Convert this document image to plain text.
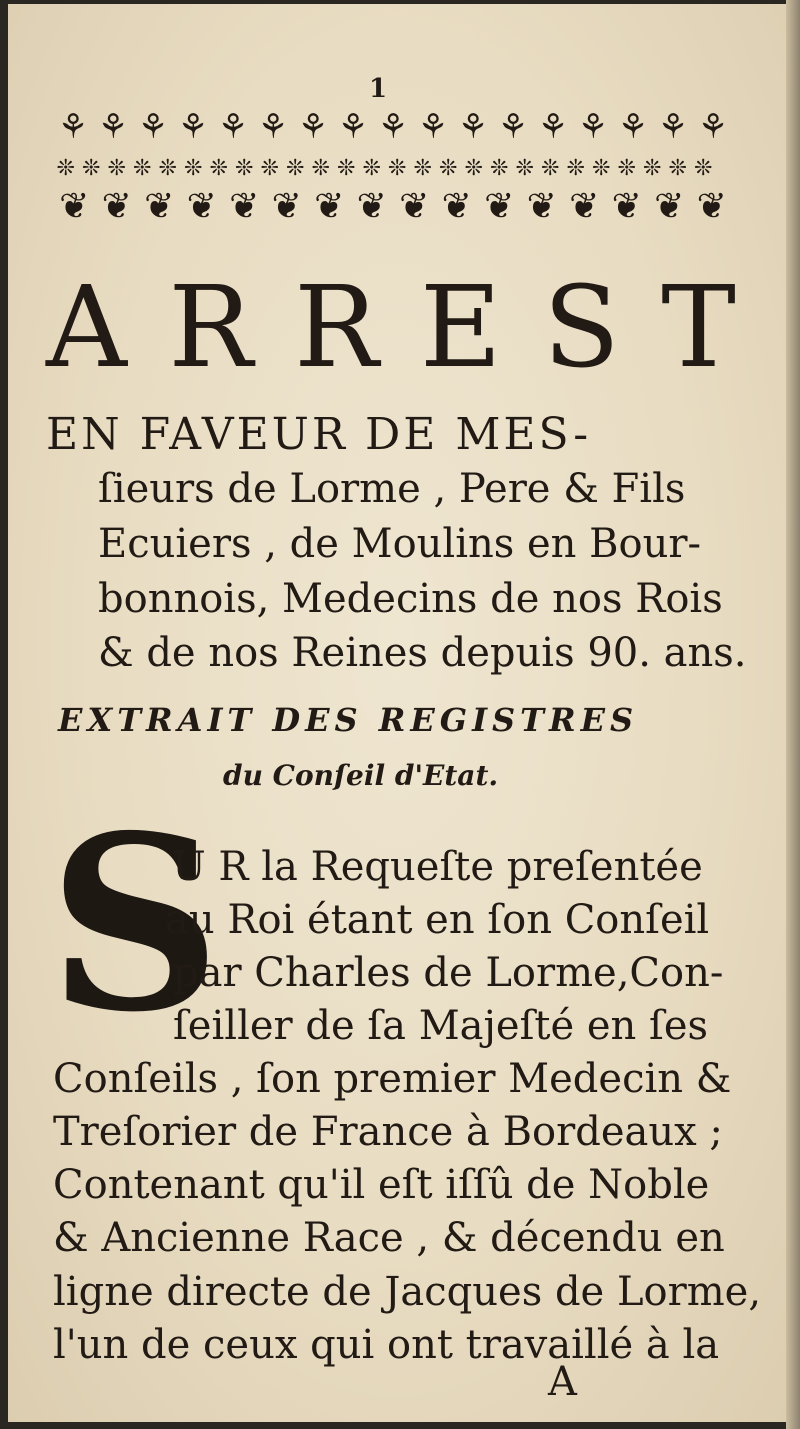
1
⚘ ⚘ ⚘ ⚘ ⚘ ⚘ ⚘ ⚘ ⚘ ⚘ ⚘ ⚘ ⚘ ⚘ ⚘ ⚘ ⚘
❊ ❊ ❊ ❊ ❊ ❊ ❊ ❊ ❊ ❊ ❊ ❊ ❊ ❊ ❊ ❊ ❊ ❊ ❊ ❊ ❊ ❊ ❊ ❊ ❊ ❊
❦ ❦ ❦ ❦ ❦ ❦ ❦ ❦ ❦ ❦ ❦ ❦ ❦ ❦ ❦ ❦
A R R E S T
EN FAVEUR DE MES-
ſieurs de Lorme , Pere & Fils
Ecuiers , de Moulins en Bour-
bonnois, Medecins de nos Rois
& de nos Reines depuis 90. ans.
EXTRAIT DES REGISTRES
du Conſeil d'Etat.
S
U R la Requeſte preſentée
au Roi étant en ſon Conſeil
par Charles de Lorme,Con-
ſeiller de ſa Majeſté en ſes
Conſeils , ſon premier Medecin &
Treſorier de France à Bordeaux ;
Contenant qu'il eſt iſſû de Noble
& Ancienne Race , & décendu en
ligne directe de Jacques de Lorme,
l'un de ceux qui ont travaillé à la
A
